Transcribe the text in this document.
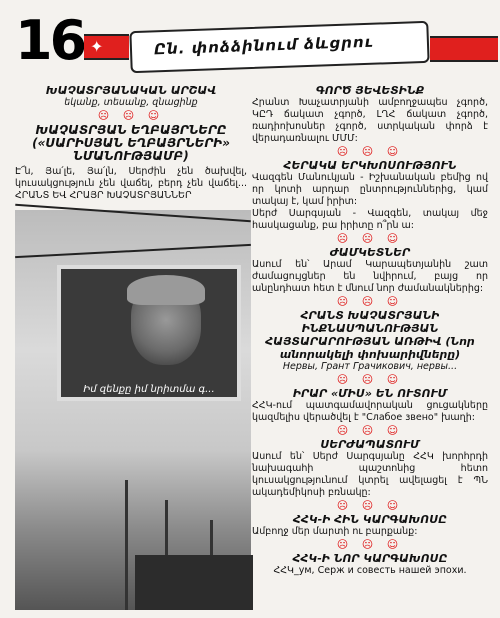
16 ✦	Ըն. փոձձինում ձևցրու

ԽԱՉԱՏՐՅԱՆԱԿԱՆ ԱՐՇԱՎ

եկանք, տեսանք, զնացինք

☹ ☹ ☺

ԽԱՉԱՏՐՅԱՆ ԵՂԲԱՅՐՆԵՐԸ («ՍԱՐԻՍՅԱՆ ԵՂԲԱՅՐՆԵՐԻ» ՆՄԱՆՈՒԹՅԱՄԲ)

Է՜ն, Յա՛լե, Յա՛լն, Սերժին չեն ծախվել, կուսակցություն չեն վաճել, բերդ չեն վաճել... ՀՐԱՆՏ ԵՎ ՀՐԱՅՐ ԽԱՉԱՏՐՅԱՆՆԵՐ

Իմ զենքը իմ նրիտմա գ...

ԳՈՐԾ ՅԵՎԵՏԻՆՔ

Հրանտ Խաչատրյանի ամբողջապես չգործ, ԿԸԴ ճակատ չգործ, ԼՂՀ ճակատ չգործ, ռադիոխոսներ չգործ, ստրկական փորձ է վերադառնալու ՄՄՄ:

☹ ☹ ☺

ՀԵՐԱԿԱ ԵՐԿԽՈՍՈՒԹՅՈՒՆ

Վազգեն Մանուկյան - Իշխանական բեմից ով որ կոտի արդար ընտրություններից, կամ տակայ է, կամ իրիտ:

Սերժ Սարգսյան - Վազգեն, տակայ մեջ հասկացանք, բա իրիտը ո՞րն ա:

☹ ☹ ☺

ԺԱՄԿԵՏՆԵՐ

Ասում են՝ Արամ Կարապետյանին շատ ժամացույցներ են նվիրում, բայց որ անընդհատ հետ է մնում նոր ժամանակներից:

☹ ☹ ☺

ՀՐԱՆՏ ԽԱՉԱՏՐՅԱՆԻ ԻՆՔՆԱՍՊԱՆՈՒԹՅԱՆ ՀԱՅՏԱՐԱՐՈՒԹՅԱՆ ԱՌԹԻՎ (Նոր անորակելի փոխարիվները)

Нервы, Грант Грачикович, нервы...

☹ ☹ ☺

ԻՐԱՐ «ՄԻՍ» ԵՆ ՈՒՏՈՒՄ

ՀՀԿ-ում պատգամավորական ցուցակները կազմելիս վերածվել է "Слабое звено" խաղի:

☹ ☹ ☺

ՍԵՐԺԱՊԱՏՈՒՄ

Ասում են՝ Սերժ Սարգսյանը ՀՀԿ խորհրդի նախագահի պաշտոնից հետո կուսակցությունում կտրել ավելացել է ՊՆ ակադեմիկոսի բռնակը:

☹ ☹ ☺

ՀՀԿ-Ի ՀԻՆ ԿԱՐԳԱԽՈՍԸ

Ամբողջ մեր մարտի ու բարքանք:

☹ ☹ ☺

ՀՀԿ-Ի ՆՈՐ ԿԱՐԳԱԽՈՍԸ

ՀՀԿ_ум, Серж и совесть нашей эпохи.
